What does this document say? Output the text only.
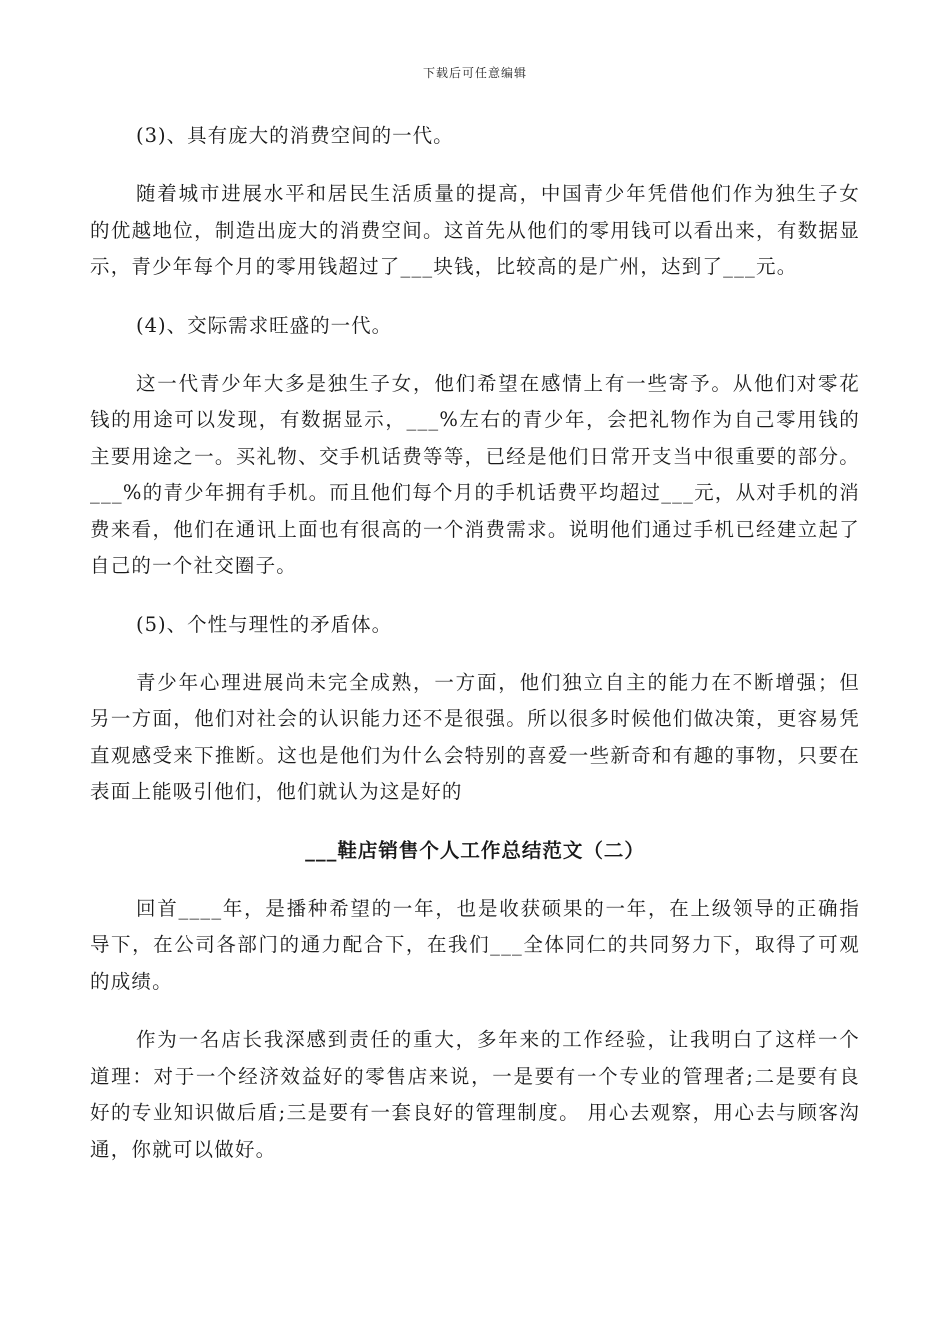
下载后可任意编辑

(3)、具有庞大的消费空间的一代。

随着城市进展水平和居民生活质量的提高，中国青少年凭借他们作为独生子女的优越地位，制造出庞大的消费空间。这首先从他们的零用钱可以看出来，有数据显示，青少年每个月的零用钱超过了___块钱，比较高的是广州，达到了___元。

(4)、交际需求旺盛的一代。

这一代青少年大多是独生子女，他们希望在感情上有一些寄予。从他们对零花钱的用途可以发现，有数据显示，___%左右的青少年，会把礼物作为自己零用钱的主要用途之一。买礼物、交手机话费等等，已经是他们日常开支当中很重要的部分。___%的青少年拥有手机。而且他们每个月的手机话费平均超过___元，从对手机的消费来看，他们在通讯上面也有很高的一个消费需求。说明他们通过手机已经建立起了自己的一个社交圈子。

(5)、个性与理性的矛盾体。

青少年心理进展尚未完全成熟，一方面，他们独立自主的能力在不断增强；但另一方面，他们对社会的认识能力还不是很强。所以很多时候他们做决策，更容易凭直观感受来下推断。这也是他们为什么会特别的喜爱一些新奇和有趣的事物，只要在表面上能吸引他们，他们就认为这是好的

___鞋店销售个人工作总结范文（二）

回首____年，是播种希望的一年，也是收获硕果的一年，在上级领导的正确指导下，在公司各部门的通力配合下，在我们___全体同仁的共同努力下，取得了可观的成绩。

作为一名店长我深感到责任的重大，多年来的工作经验，让我明白了这样一个道理：对于一个经济效益好的零售店来说，一是要有一个专业的管理者;二是要有良好的专业知识做后盾;三是要有一套良好的管理制度。 用心去观察，用心去与顾客沟通，你就可以做好。
